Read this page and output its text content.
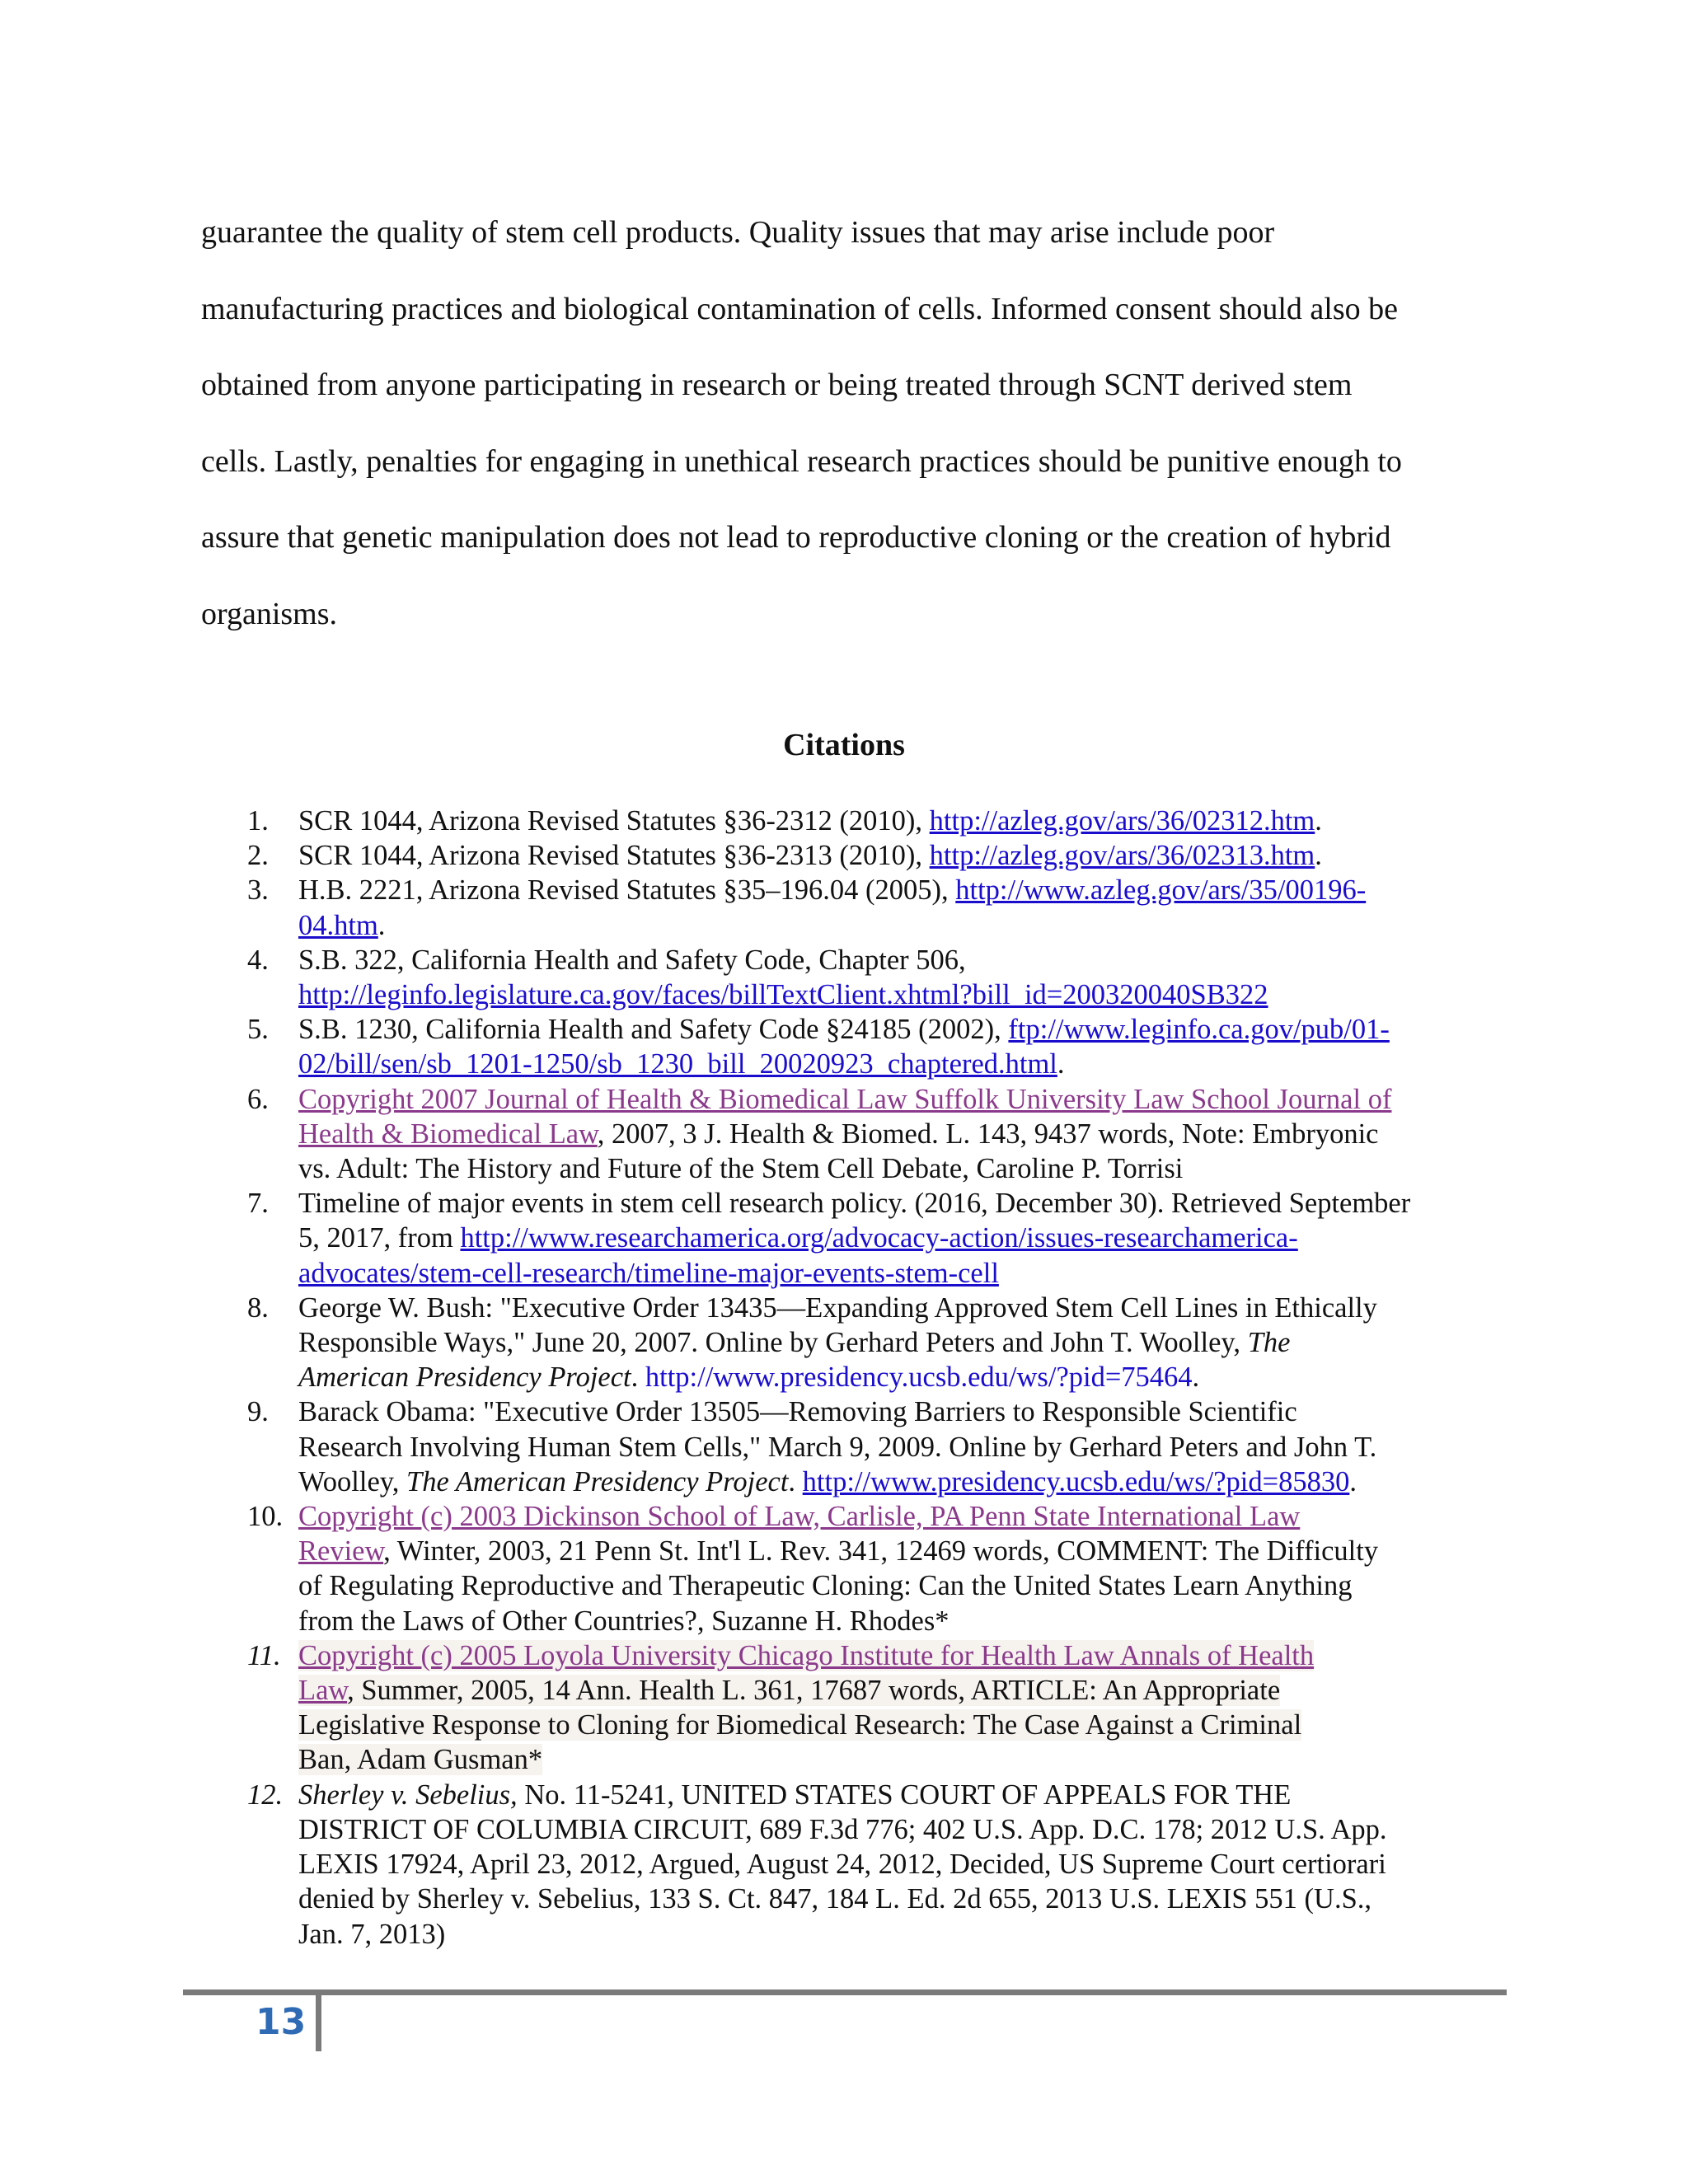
guarantee the quality of stem cell products. Quality issues that may arise include poor
manufacturing practices and biological contamination of cells. Informed consent should also be
obtained from anyone participating in research or being treated through SCNT derived stem
cells. Lastly, penalties for engaging in unethical research practices should be punitive enough to
assure that genetic manipulation does not lead to reproductive cloning or the creation of hybrid
organisms.

Citations
1. SCR 1044, Arizona Revised Statutes §36-2312 (2010), http://azleg.gov/ars/36/02312.htm.
2. SCR 1044, Arizona Revised Statutes §36-2313 (2010), http://azleg.gov/ars/36/02313.htm.
3. H.B. 2221, Arizona Revised Statutes §35–196.04 (2005), http://www.azleg.gov/ars/35/00196-
04.htm.
4. S.B. 322, California Health and Safety Code, Chapter 506,
http://leginfo.legislature.ca.gov/faces/billTextClient.xhtml?bill_id=200320040SB322
5. S.B. 1230, California Health and Safety Code §24185 (2002), ftp://www.leginfo.ca.gov/pub/01-
02/bill/sen/sb_1201-1250/sb_1230_bill_20020923_chaptered.html.
6. Copyright 2007 Journal of Health & Biomedical Law Suffolk University Law School Journal of
Health & Biomedical Law, 2007, 3 J. Health & Biomed. L. 143, 9437 words, Note: Embryonic
vs. Adult: The History and Future of the Stem Cell Debate, Caroline P. Torrisi
7. Timeline of major events in stem cell research policy. (2016, December 30). Retrieved September
5, 2017, from http://www.researchamerica.org/advocacy-action/issues-researchamerica-
advocates/stem-cell-research/timeline-major-events-stem-cell
8. George W. Bush: "Executive Order 13435—Expanding Approved Stem Cell Lines in Ethically
Responsible Ways," June 20, 2007. Online by Gerhard Peters and John T. Woolley, The
American Presidency Project. http://www.presidency.ucsb.edu/ws/?pid=75464.
9. Barack Obama: "Executive Order 13505—Removing Barriers to Responsible Scientific
Research Involving Human Stem Cells," March 9, 2009. Online by Gerhard Peters and John T.
Woolley, The American Presidency Project. http://www.presidency.ucsb.edu/ws/?pid=85830.
10. Copyright (c) 2003 Dickinson School of Law, Carlisle, PA Penn State International Law
Review, Winter, 2003, 21 Penn St. Int'l L. Rev. 341, 12469 words, COMMENT: The Difficulty
of Regulating Reproductive and Therapeutic Cloning: Can the United States Learn Anything
from the Laws of Other Countries?, Suzanne H. Rhodes*
11. Copyright (c) 2005 Loyola University Chicago Institute for Health Law Annals of Health
Law, Summer, 2005, 14 Ann. Health L. 361, 17687 words, ARTICLE: An Appropriate
Legislative Response to Cloning for Biomedical Research: The Case Against a Criminal
Ban, Adam Gusman*
12. Sherley v. Sebelius, No. 11-5241, UNITED STATES COURT OF APPEALS FOR THE
DISTRICT OF COLUMBIA CIRCUIT, 689 F.3d 776; 402 U.S. App. D.C. 178; 2012 U.S. App.
LEXIS 17924, April 23, 2012, Argued, August 24, 2012, Decided, US Supreme Court certiorari
denied by Sherley v. Sebelius, 133 S. Ct. 847, 184 L. Ed. 2d 655, 2013 U.S. LEXIS 551 (U.S.,
Jan. 7, 2013)
13
